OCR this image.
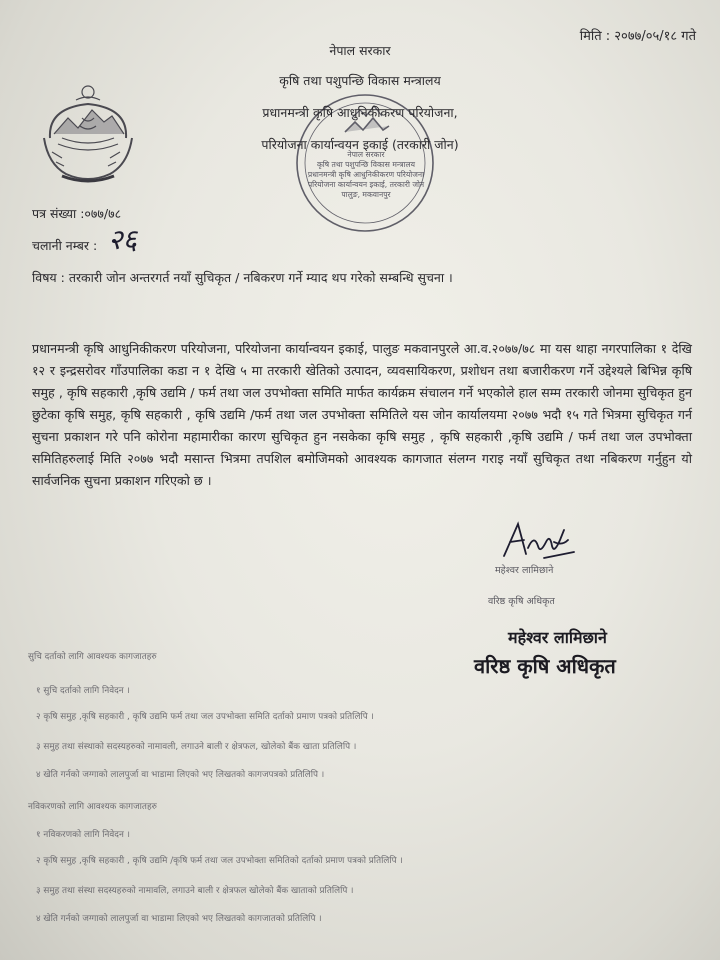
मिति : २०७७/०५/१८ गते
नेपाल सरकार
कृषि तथा पशुपन्छि विकास मन्त्रालय
प्रधानमन्त्री कृषि आधुनिकीकरण परियोजना,
परियोजना कार्यान्वयन इकाई (तरकारी जोन)
नेपाल सरकार
कृषि तथा पशुपन्छि विकास मन्त्रालय
प्रधानमन्त्री कृषि आधुनिकीकरण परियोजना
परियोजना कार्यान्वयन इकाई, तरकारी जोन
पालुङ, मकवानपुर
पत्र संख्या :०७७/७८
चलानी नम्बर : २६
विषय : तरकारी जोन अन्तरगर्त नयाँ सुचिकृत / नबिकरण गर्ने म्याद थप गरेको सम्बन्धि सुचना ।
प्रधानमन्त्री कृषि आधुनिकीकरण परियोजना, परियोजना कार्यान्वयन इकाई, पालुङ मकवानपुरले आ.व.२०७७/७८ मा यस थाहा नगरपालिका १ देखि १२ र इन्द्रसरोवर गाँउपालिका कडा न १ देखि ५ मा तरकारी खेतिको उत्पादन, व्यवसायिकरण, प्रशोधन तथा बजारीकरण गर्ने उद्देश्यले बिभिन्न कृषि समुह , कृषि सहकारी ,कृषि उद्यमि / फर्म तथा जल उपभोक्ता समिति मार्फत कार्यक्रम संचालन गर्ने भएकोले हाल सम्म तरकारी जोनमा सुचिकृत हुन छुटेका कृषि समुह, कृषि सहकारी , कृषि उद्यमि /फर्म तथा जल उपभोक्ता समितिले यस जोन कार्यालयमा २०७७ भदौ १५ गते भित्रमा सुचिकृत गर्न सुचना प्रकाशन गरे पनि कोरोना महामारीका कारण सुचिकृत हुन नसकेका कृषि समुह , कृषि सहकारी ,कृषि उद्यमि / फर्म तथा जल उपभोक्ता समितिहरुलाई मिति २०७७ भदौ मसान्त भित्रमा तपशिल बमोजिमको आवश्यक कागजात संलग्न गराइ नयाँ सुचिकृत तथा नबिकरण गर्नुहुन यो सार्वजनिक सुचना प्रकाशन गरिएको छ ।
महेश्वर लामिछाने
वरिष्ठ कृषि अधिकृत
महेश्वर लामिछाने
वरिष्ठ कृषि अधिकृत
सुचि दर्ताको लागि आवश्यक कागजातहरु
१ सुचि दर्ताको लागि निवेदन ।
२ कृषि समुह ,कृषि सहकारी , कृषि उद्यमि फर्म तथा जल उपभोक्ता समिति दर्ताको प्रमाण पत्रको प्रतिलिपि ।
३ समुह तथा संस्थाको सदस्यहरुको नामावली, लगाउने बाली र क्षेत्रफल, खोलेको बैंक खाता प्रतिलिपि ।
४ खेति गर्नको जग्गाको लालपुर्जा वा भाडामा लिएको भए लिखतको कागजपत्रको प्रतिलिपि ।
नविकरणको लागि आवश्यक कागजातहरु
१ नविकरणको लागि निवेदन ।
२ कृषि समुह ,कृषि सहकारी , कृषि उद्यमि /कृषि फर्म तथा जल उपभोक्ता समितिको दर्ताको प्रमाण पत्रको प्रतिलिपि ।
३ समुह तथा संस्था सदस्यहरुको नामावलि, लगाउने बाली र क्षेत्रफल खोलेको बैंक खाताको प्रतिलिपि ।
४ खेति गर्नको जग्गाको लालपुर्जा वा भाडामा लिएको भए लिखतको कागजातको प्रतिलिपि ।
